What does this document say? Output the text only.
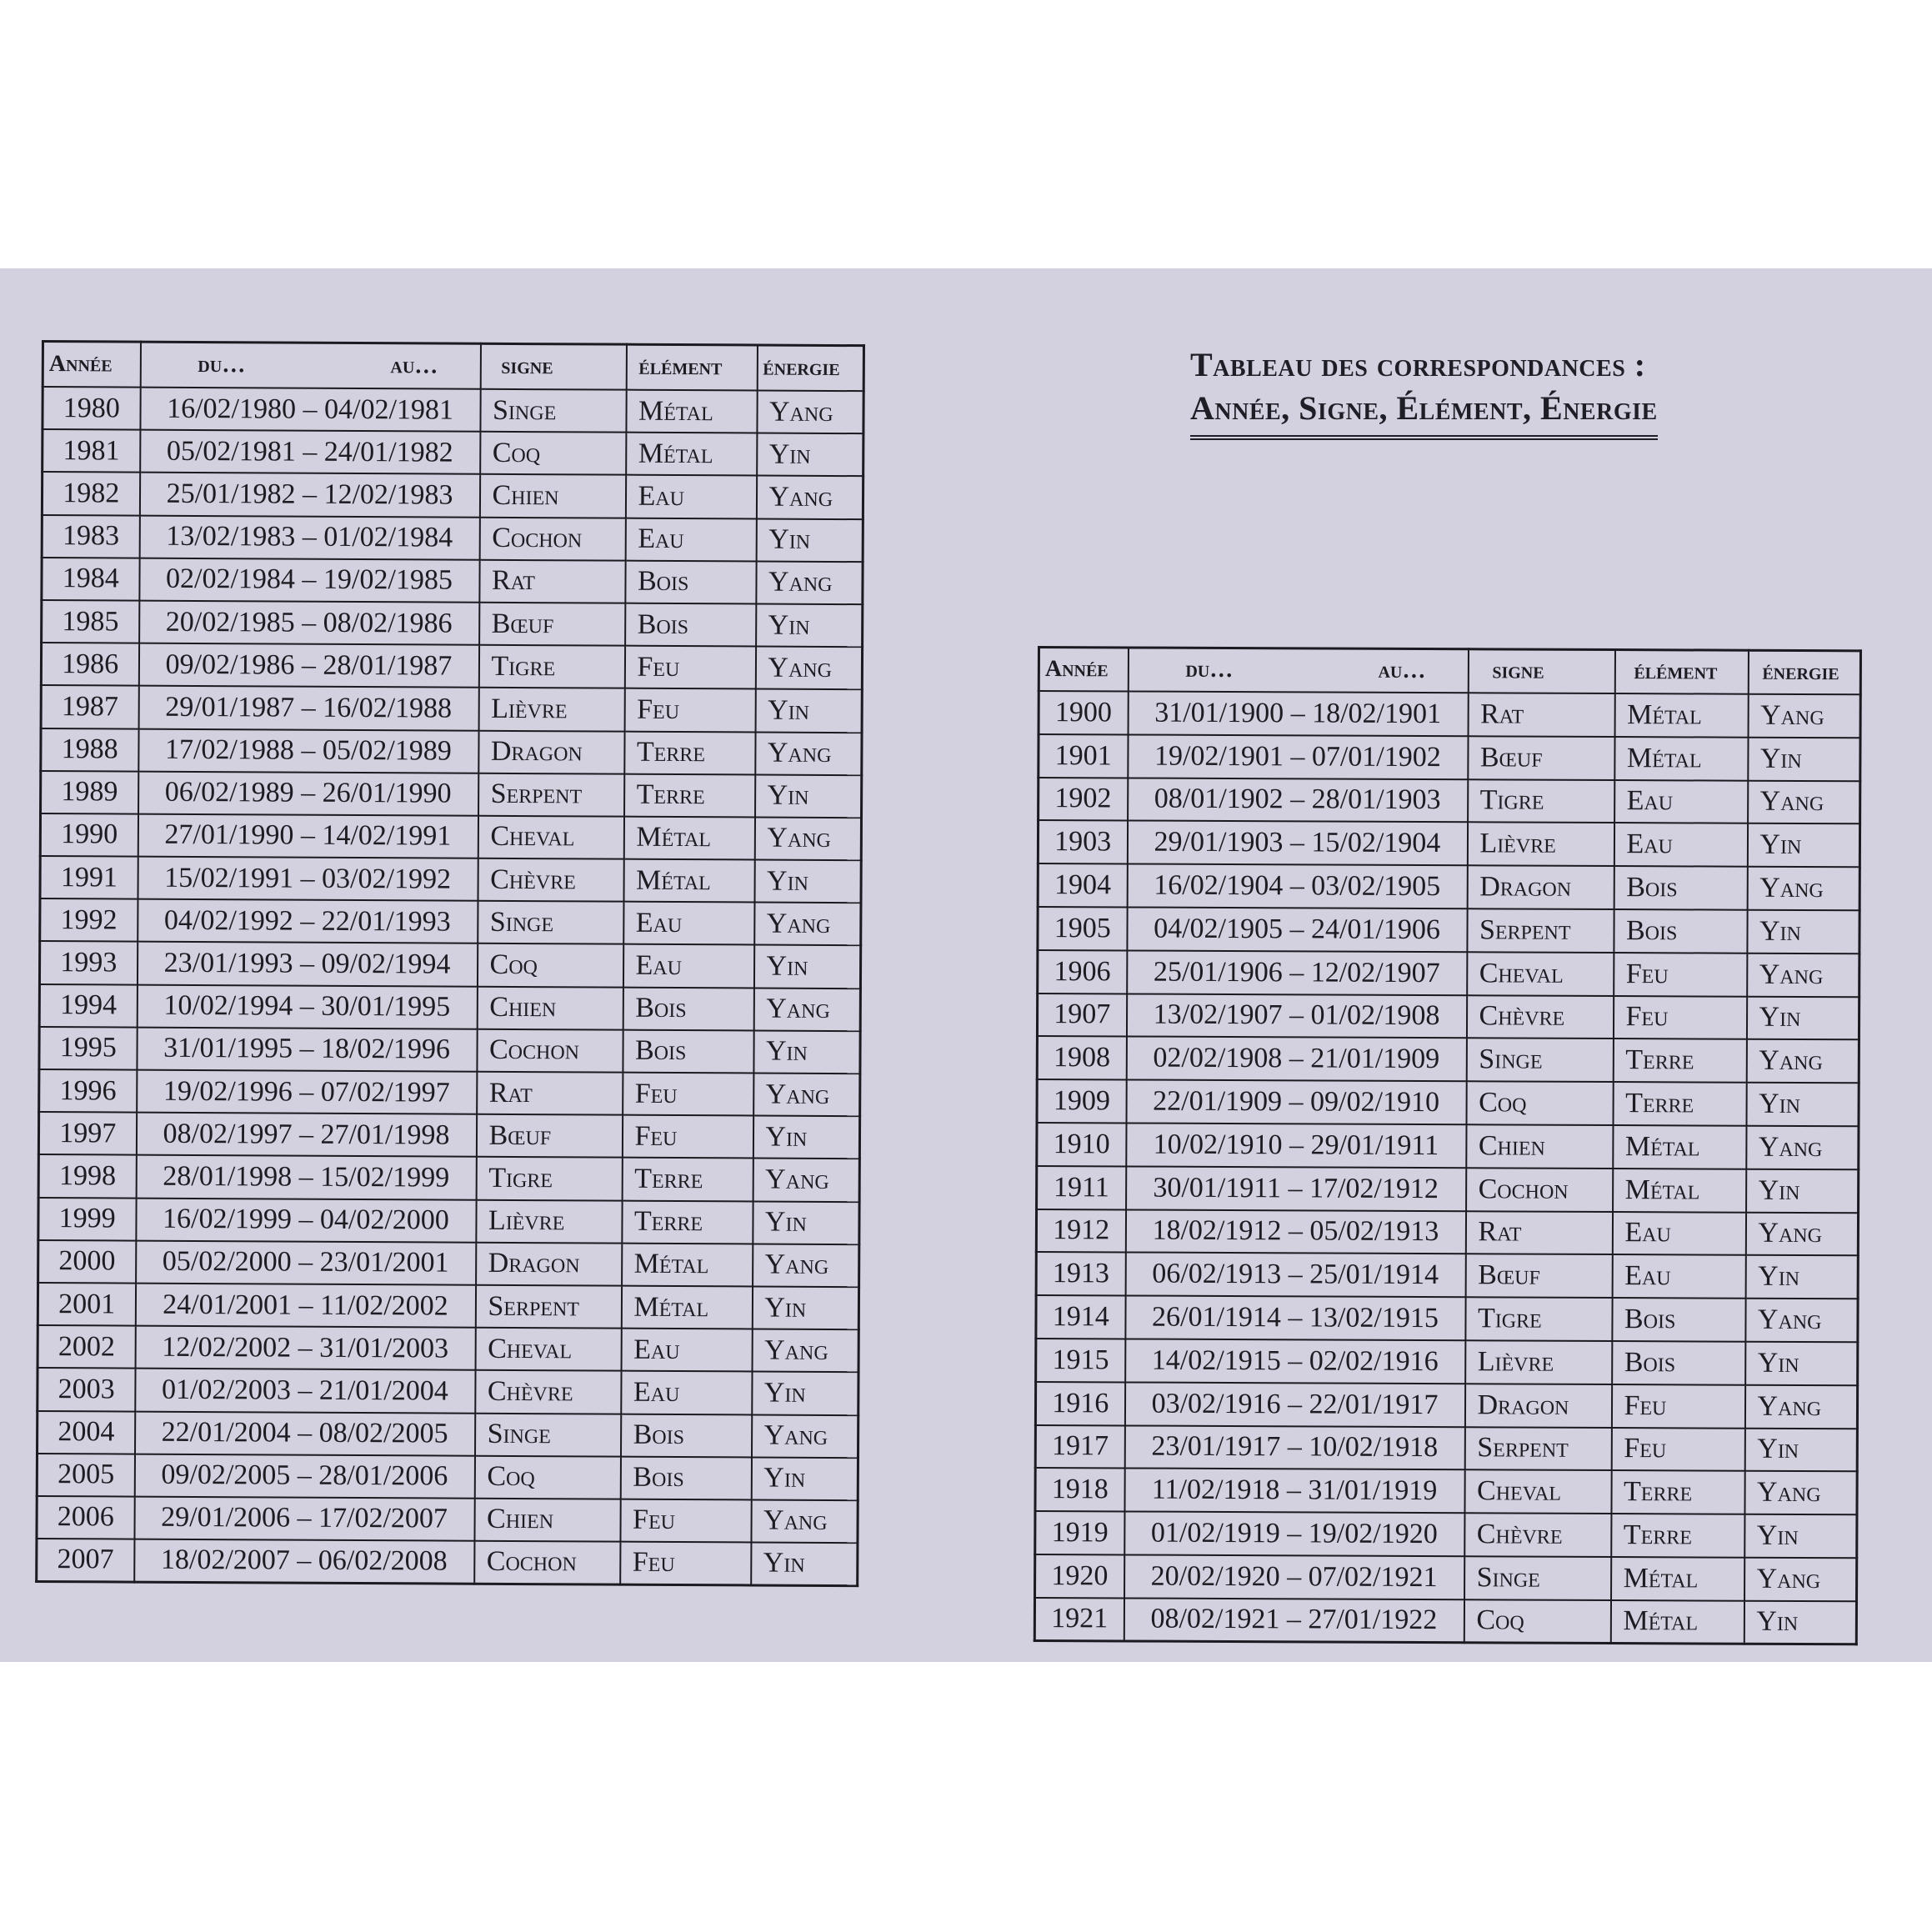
Tableau des correspondances :
Année, Signe, Élément, Énergie
Année	du… au…	signe	élément	énergie
1980	16/02/1980 – 04/02/1981	Singe	Métal	Yang
1981	05/02/1981 – 24/01/1982	Coq	Métal	Yin
1982	25/01/1982 – 12/02/1983	Chien	Eau	Yang
1983	13/02/1983 – 01/02/1984	Cochon	Eau	Yin
1984	02/02/1984 – 19/02/1985	Rat	Bois	Yang
1985	20/02/1985 – 08/02/1986	Bœuf	Bois	Yin
1986	09/02/1986 – 28/01/1987	Tigre	Feu	Yang
1987	29/01/1987 – 16/02/1988	Lièvre	Feu	Yin
1988	17/02/1988 – 05/02/1989	Dragon	Terre	Yang
1989	06/02/1989 – 26/01/1990	Serpent	Terre	Yin
1990	27/01/1990 – 14/02/1991	Cheval	Métal	Yang
1991	15/02/1991 – 03/02/1992	Chèvre	Métal	Yin
1992	04/02/1992 – 22/01/1993	Singe	Eau	Yang
1993	23/01/1993 – 09/02/1994	Coq	Eau	Yin
1994	10/02/1994 – 30/01/1995	Chien	Bois	Yang
1995	31/01/1995 – 18/02/1996	Cochon	Bois	Yin
1996	19/02/1996 – 07/02/1997	Rat	Feu	Yang
1997	08/02/1997 – 27/01/1998	Bœuf	Feu	Yin
1998	28/01/1998 – 15/02/1999	Tigre	Terre	Yang
1999	16/02/1999 – 04/02/2000	Lièvre	Terre	Yin
2000	05/02/2000 – 23/01/2001	Dragon	Métal	Yang
2001	24/01/2001 – 11/02/2002	Serpent	Métal	Yin
2002	12/02/2002 – 31/01/2003	Cheval	Eau	Yang
2003	01/02/2003 – 21/01/2004	Chèvre	Eau	Yin
2004	22/01/2004 – 08/02/2005	Singe	Bois	Yang
2005	09/02/2005 – 28/01/2006	Coq	Bois	Yin
2006	29/01/2006 – 17/02/2007	Chien	Feu	Yang
2007	18/02/2007 – 06/02/2008	Cochon	Feu	Yin
Année	du… au…	signe	élément	énergie
1900	31/01/1900 – 18/02/1901	Rat	Métal	Yang
1901	19/02/1901 – 07/01/1902	Bœuf	Métal	Yin
1902	08/01/1902 – 28/01/1903	Tigre	Eau	Yang
1903	29/01/1903 – 15/02/1904	Lièvre	Eau	Yin
1904	16/02/1904 – 03/02/1905	Dragon	Bois	Yang
1905	04/02/1905 – 24/01/1906	Serpent	Bois	Yin
1906	25/01/1906 – 12/02/1907	Cheval	Feu	Yang
1907	13/02/1907 – 01/02/1908	Chèvre	Feu	Yin
1908	02/02/1908 – 21/01/1909	Singe	Terre	Yang
1909	22/01/1909 – 09/02/1910	Coq	Terre	Yin
1910	10/02/1910 – 29/01/1911	Chien	Métal	Yang
1911	30/01/1911 – 17/02/1912	Cochon	Métal	Yin
1912	18/02/1912 – 05/02/1913	Rat	Eau	Yang
1913	06/02/1913 – 25/01/1914	Bœuf	Eau	Yin
1914	26/01/1914 – 13/02/1915	Tigre	Bois	Yang
1915	14/02/1915 – 02/02/1916	Lièvre	Bois	Yin
1916	03/02/1916 – 22/01/1917	Dragon	Feu	Yang
1917	23/01/1917 – 10/02/1918	Serpent	Feu	Yin
1918	11/02/1918 – 31/01/1919	Cheval	Terre	Yang
1919	01/02/1919 – 19/02/1920	Chèvre	Terre	Yin
1920	20/02/1920 – 07/02/1921	Singe	Métal	Yang
1921	08/02/1921 – 27/01/1922	Coq	Métal	Yin
